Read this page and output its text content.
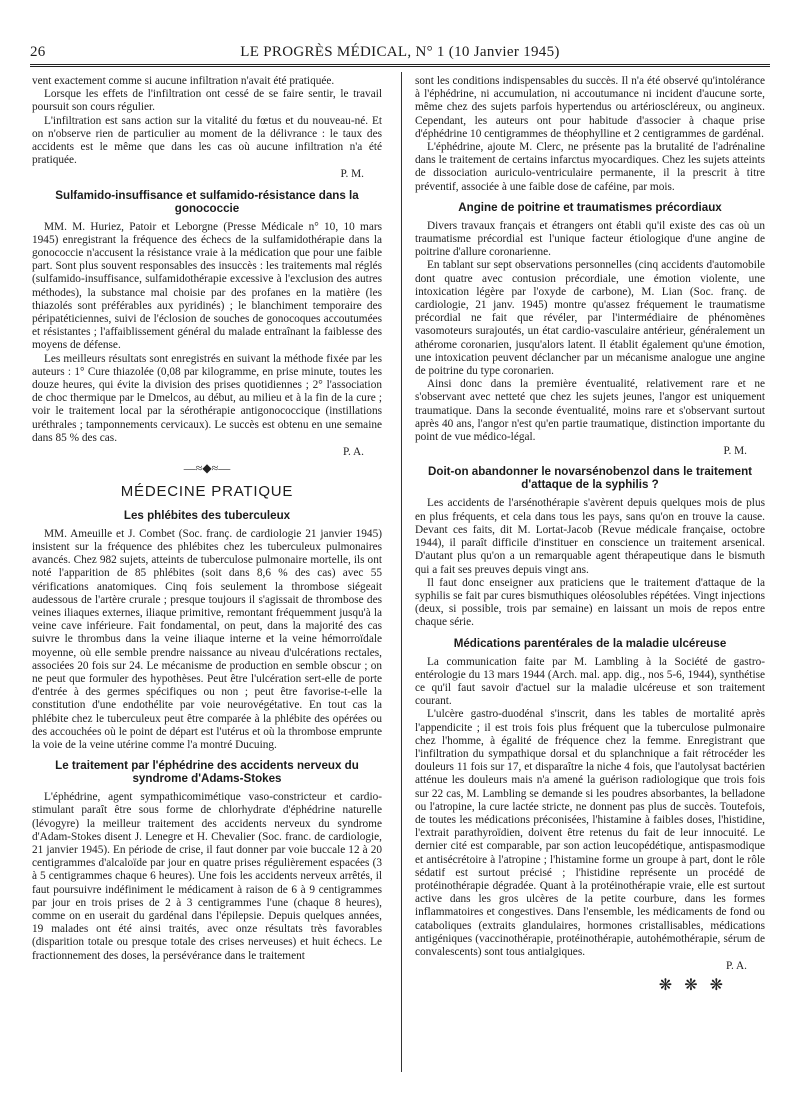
26	LE PROGRÈS MÉDICAL, N° 1 (10 Janvier 1945)

vent exactement comme si aucune infiltration n'avait été pratiquée.

Lorsque les effets de l'infiltration ont cessé de se faire sentir, le travail poursuit son cours régulier.

L'infiltration est sans action sur la vitalité du fœtus et du nouveau-né. Et on n'observe rien de particulier au moment de la délivrance : le taux des accidents est le même que dans les cas où aucune infiltration n'a été pratiquée.

P. M.
Sulfamido-insuffisance et sulfamido-résistance dans la gonococcie

MM. M. Huriez, Patoir et Leborgne (Presse Médicale n° 10, 10 mars 1945) enregistrant la fréquence des échecs de la sulfamidothérapie dans la gonococcie n'accusent la résistance vraie à la médication que pour une faible part. Sont plus souvent responsables des insuccès : les traitements mal réglés (sulfamido-insuffisance, sulfamidothérapie excessive à l'exclusion des autres méthodes), la substance mal choisie par des profanes en la matière (les thiazolés sont préférables aux pyridinés) ; le blanchiment temporaire des péripatéticiennes, suivi de l'éclosion de souches de gonocoques accoutumées et résistantes ; l'affaiblissement général du malade entraînant la faiblesse des moyens de défense.

Les meilleurs résultats sont enregistrés en suivant la méthode fixée par les auteurs : 1° Cure thiazolée (0,08 par kilogramme, en prise minute, toutes les douze heures, qui évite la division des prises quotidiennes ; 2° l'association de choc thermique par le Dmelcos, au début, au milieu et à la fin de la cure ; voir le traitement local par la sérothérapie antigonococcique (instillations uréthrales ; tamponnements cervicaux). Le succès est obtenu en une semaine dans 85 % des cas.

P. A.
—≈◆≈—
MÉDECINE PRATIQUE
Les phlébites des tuberculeux

MM. Ameuille et J. Combet (Soc. franç. de cardiologie 21 janvier 1945) insistent sur la fréquence des phlébites chez les tuberculeux pulmonaires avancés. Chez 982 sujets, atteints de tuberculose pulmonaire mortelle, ils ont noté l'apparition de 85 phlébites (soit dans 8,6 % des cas) avec 55 vérifications anatomiques. Cinq fois seulement la thrombose siégeait audessous de l'artère crurale ; presque toujours il s'agissait de thrombose des veines iliaques externes, iliaque primitive, remontant fréquemment jusqu'à la veine cave inférieure. Fait fondamental, on peut, dans la majorité des cas suivre le thrombus dans la veine iliaque interne et la veine hémorroïdale moyenne, où elle semble prendre naissance au niveau d'ulcérations rectales, associées 20 fois sur 24. Le mécanisme de production en semble obscur ; on ne peut que formuler des hypothèses. Peut être l'ulcération sert-elle de porte d'entrée à des germes spécifiques ou non ; peut être favorise-t-elle la constitution d'une endothélite par voie neurovégétative. En tout cas la phlébite chez le tuberculeux peut être comparée à la phlébite des opérées ou des accouchées où le point de départ est l'utérus et où la thrombose emprunte la voie de la veine utérine comme l'a montré Ducuing.

Le traitement par l'éphédrine des accidents nerveux du syndrome d'Adams-Stokes

L'éphédrine, agent sympathicomimétique vaso-constricteur et cardio-stimulant paraît être sous forme de chlorhydrate d'éphédrine naturelle (lévogyre) la meilleur traitement des accidents nerveux du syndrome d'Adam-Stokes disent J. Lenegre et H. Chevalier (Soc. franc. de cardiologie, 21 janvier 1945). En période de crise, il faut donner par voie buccale 12 à 20 centigrammes d'alcaloïde par jour en quatre prises régulièrement espacées (3 à 5 centigrammes chaque 6 heures). Une fois les accidents nerveux arrêtés, il faut poursuivre indéfiniment le médicament à raison de 6 à 9 centigrammes par jour en trois prises de 2 à 3 centigrammes l'une (chaque 8 heures), comme on en userait du gardénal dans l'épilepsie. Depuis quelques années, 19 malades ont été ainsi traités, avec onze résultats très favorables (disparition totale ou presque totale des crises nerveuses) et huit échecs. Le fractionnement des doses, la persévérance dans le traitement

sont les conditions indispensables du succès. Il n'a été observé qu'intolérance à l'éphédrine, ni accumulation, ni accoutumance ni incident d'aucune sorte, même chez des sujets parfois hypertendus ou artérioscléreux, ou angineux. Cependant, les auteurs ont pour habitude d'associer à chaque prise d'éphédrine 10 centigrammes de théophylline et 2 centigrammes de gardénal.

L'éphédrine, ajoute M. Clerc, ne présente pas la brutalité de l'adrénaline dans le traitement de certains infarctus myocardiques. Chez les sujets atteints de dissociation auriculo-ventriculaire permanente, il la prescrit à titre préventif, associée à une faible dose de caféine, par mois.

Angine de poitrine et traumatismes précordiaux

Divers travaux français et étrangers ont établi qu'il existe des cas où un traumatisme précordial est l'unique facteur étiologique d'une angine de poitrine d'allure coronarienne.

En tablant sur sept observations personnelles (cinq accidents d'automobile dont quatre avec contusion précordiale, une émotion violente, une intoxication légère par l'oxyde de carbone), M. Lian (Soc. franç. de cardiologie, 21 janv. 1945) montre qu'assez fréquement le traumatisme précordial ne fait que révéler, par l'intermédiaire de phénomènes vasomoteurs surajoutés, un état cardio-vasculaire antérieur, généralement un athérome coronarien, jusqu'alors latent. Il établit également qu'une émotion, une intoxication peuvent déclancher par un mécanisme analogue une angine de poitrine du type coronarien.

Ainsi donc dans la première éventualité, relativement rare et ne s'observant avec netteté que chez les sujets jeunes, l'angor est uniquement traumatique. Dans la seconde éventualité, moins rare et s'observant surtout après 40 ans, l'angor n'est qu'en partie traumatique, distinction importante du point de vue médico-légal.

P. M.
Doit-on abandonner le novarsénobenzol dans le traitement d'attaque de la syphilis ?

Les accidents de l'arsénothérapie s'avèrent depuis quelques mois de plus en plus fréquents, et cela dans tous les pays, sans qu'on en trouve la cause. Devant ces faits, dit M. Lortat-Jacob (Revue médicale française, octobre 1944), il paraît difficile d'instituer en conscience un traitement arsenical. D'autant plus qu'on a un remarquable agent thérapeutique dans le bismuth qui a fait ses preuves depuis vingt ans.

Il faut donc enseigner aux praticiens que le traitement d'attaque de la syphilis se fait par cures bismuthiques oléosolubles répétées. Vingt injections (deux, si possible, trois par semaine) en laissant un mois de repos entre chaque série.

Médications parentérales de la maladie ulcéreuse

La communication faite par M. Lambling à la Société de gastro-entérologie du 13 mars 1944 (Arch. mal. app. dig., nos 5-6, 1944), synthétise ce qu'il faut savoir d'actuel sur la maladie ulcéreuse et son traitement courant.

L'ulcère gastro-duodénal s'inscrit, dans les tables de mortalité après l'appendicite ; il est trois fois plus fréquent que la tuberculose pulmonaire chez l'homme, à égalité de fréquence chez la femme. Enregistrant que l'infiltration du sympathique dorsal et du splanchnique a fait rétrocéder les douleurs 11 fois sur 17, et disparaître la niche 4 fois, que l'autolysat bactérien atténue les douleurs mais n'a amené la guérison radiologique que trois fois sur 22 cas, M. Lambling se demande si les poudres absorbantes, la belladone ou l'atropine, la cure lactée stricte, ne donnent pas plus de succès. Toutefois, de toutes les médications préconisées, l'histamine à faibles doses, l'histidine, l'extrait parathyroïdien, doivent être retenus du fait de leur innocuité. Le dernier cité est comparable, par son action leucopédétique, antispasmodique et antisécrétoire à l'atropine ; l'histamine forme un groupe à part, dont le rôle sédatif est surtout précisé ; l'histidine représente un procédé de protéinothérapie dégradée. Quant à la protéinothérapie vraie, elle est surtout active dans les gros ulcères de la petite courbure, dans les formes inflammatoires et congestives. Dans l'ensemble, les médicaments de fond ou cataboliques (extraits glandulaires, hormones cristallisables, médications antigéniques (vaccinothérapie, protéinothérapie, autohémothérapie, sérum de convalescents) sont tous antialgiques.

P. A.
❋❋❋
